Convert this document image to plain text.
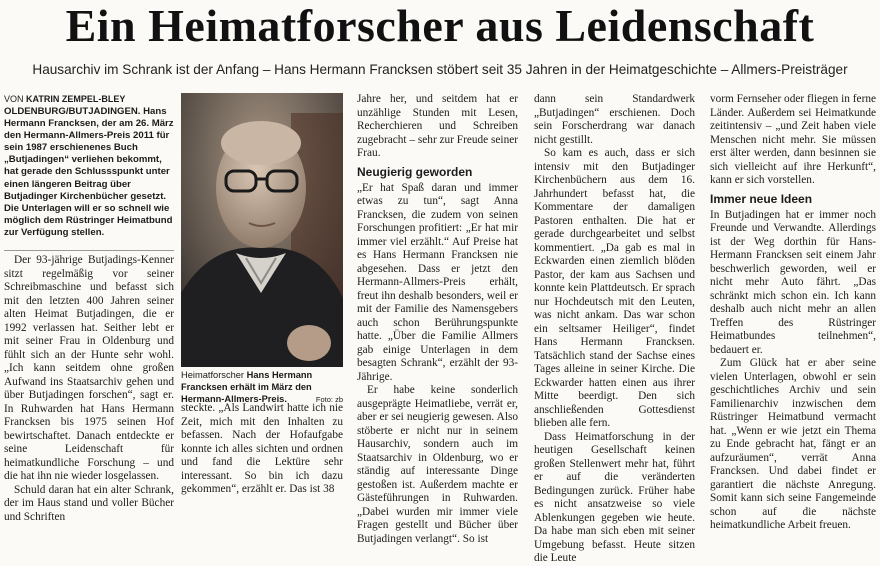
Ein Heimatforscher aus Leidenschaft
Hausarchiv im Schrank ist der Anfang – Hans Hermann Francksen stöbert seit 35 Jahren in der Heimatgeschichte – Allmers-Preisträger
VON KATRIN ZEMPEL-BLEY
OLDENBURG/BUTJADINGEN. Hans Hermann Francksen, der am 26. März den Hermann-Allmers-Preis 2011 für sein 1987 erschienenes Buch „Butjadingen“ verliehen bekommt, hat gerade den Schlussspunkt unter einen längeren Beitrag über Butjadinger Kirchenbücher gesetzt. Die Unterlagen will er so schnell wie möglich dem Rüstringer Heimatbund zur Verfügung stellen.

Der 93-jährige Butjadings-Kenner sitzt regelmäßig vor seiner Schreibmaschine und befasst sich mit den letzten 400 Jahren seiner alten Heimat Butjadingen, die er 1992 verlassen hat. Seither lebt er mit seiner Frau in Oldenburg und fühlt sich an der Hunte sehr wohl. „Ich kann seitdem ohne großen Aufwand ins Staatsarchiv gehen und über Butjadingen forschen“, sagt er. In Ruhwarden hat Hans Hermann Francksen bis 1975 seinen Hof bewirtschaftet. Danach entdeckte er seine Leidenschaft für heimatkundliche Forschung – und die hat ihn nie wieder losgelassen.

Schuld daran hat ein alter Schrank, der im Haus stand und voller Bücher und Schriften

Heimatforscher Hans Hermann Francksen erhält im März den Hermann-Allmers-Preis.	Foto: zb

steckte. „Als Landwirt hatte ich nie Zeit, mich mit den Inhalten zu befassen. Nach der Hofaufgabe konnte ich alles sichten und ordnen und fand die Lektüre sehr interessant. So bin ich dazu gekommen“, erzählt er. Das ist 38

Jahre her, und seitdem hat er unzählige Stunden mit Lesen, Recherchieren und Schreiben zugebracht – sehr zur Freude seiner Frau.

Neugierig geworden

„Er hat Spaß daran und immer etwas zu tun“, sagt Anna Francksen, die zudem von seinen Forschungen profitiert: „Er hat mir immer viel erzählt.“ Auf Preise hat es Hans Hermann Francksen nie abgesehen. Dass er jetzt den Hermann-Allmers-Preis erhält, freut ihn deshalb besonders, weil er mit der Familie des Namensgebers auch schon Berührungspunkte hatte. „Über die Familie Allmers gab einige Unterlagen in dem besagten Schrank“, erzählt der 93-Jährige.

Er habe keine sonderlich ausgeprägte Heimatliebe, verrät er, aber er sei neugierig gewesen. Also stöberte er nicht nur in seinem Hausarchiv, sondern auch im Staatsarchiv in Oldenburg, wo er ständig auf interessante Dinge gestoßen ist. Außerdem machte er Gästeführungen in Ruhwarden. „Dabei wurden mir immer viele Fragen gestellt und Bücher über Butjadingen verlangt“. So ist

dann sein Standardwerk „Butjadingen“ erschienen. Doch sein Forscherdrang war danach nicht gestillt.

So kam es auch, dass er sich intensiv mit den Butjadinger Kirchenbüchern aus dem 16. Jahrhundert befasst hat, die Kommentare der damaligen Pastoren enthalten. Die hat er gerade durchgearbeitet und selbst kommentiert. „Da gab es mal in Eckwarden einen ziemlich blöden Pastor, der kam aus Sachsen und konnte kein Plattdeutsch. Er sprach nur Hochdeutsch mit den Leuten, was nicht ankam. Das war schon ein seltsamer Heiliger“, findet Hans Hermann Francksen. Tatsächlich stand der Sachse eines Tages alleine in seiner Kirche. Die Eckwarder hatten einen aus ihrer Mitte beerdigt. Den sich anschließenden Gottesdienst blieben alle fern.

Dass Heimatforschung in der heutigen Gesellschaft keinen großen Stellenwert mehr hat, führt er auf die veränderten Bedingungen zurück. Früher habe es nicht ansatzweise so viele Ablenkungen gegeben wie heute. Da habe man sich eben mit seiner Umgebung befasst. Heute sitzen die Leute

vorm Fernseher oder fliegen in ferne Länder. Außerdem sei Heimatkunde zeitintensiv – „und Zeit haben viele Menschen nicht mehr. Sie müssen erst älter werden, dann besinnen sie sich vielleicht auf ihre Herkunft“, kann er sich vorstellen.

Immer neue Ideen

In Butjadingen hat er immer noch Freunde und Verwandte. Allerdings ist der Weg dorthin für Hans-Hermann Francksen seit einem Jahr beschwerlich geworden, weil er nicht mehr Auto fährt. „Das schränkt mich schon ein. Ich kann deshalb auch nicht mehr an allen Treffen des Rüstringer Heimatbundes teilnehmen“, bedauert er.

Zum Glück hat er aber seine vielen Unterlagen, obwohl er sein geschichtliches Archiv und sein Familienarchiv inzwischen dem Rüstringer Heimatbund vermacht hat. „Wenn er wie jetzt ein Thema zu Ende gebracht hat, fängt er an aufzuräumen“, verrät Anna Francksen. Und dabei findet er garantiert die nächste Anregung. Somit kann sich seine Fangemeinde schon auf die nächste heimatkundliche Arbeit freuen.
